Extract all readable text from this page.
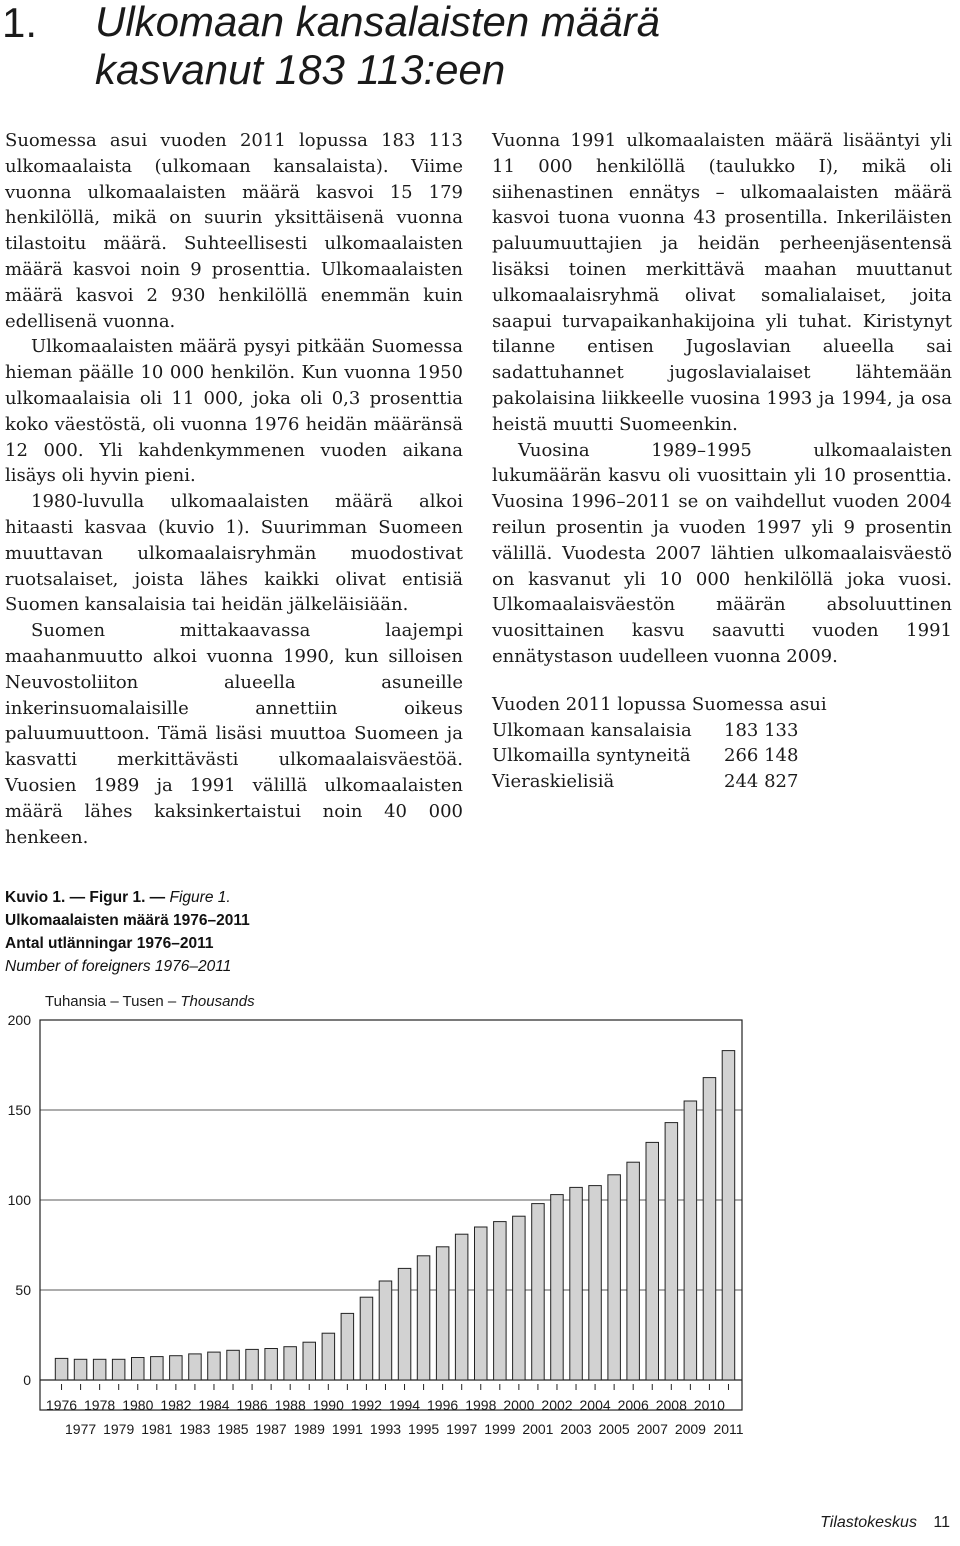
1. Ulkomaan kansalaisten määrä
kasvanut 183 113:een

Suomessa asui vuoden 2011 lopussa 183 113 ulkomaalaista (ulkomaan kansalaista). Viime vuonna ulkomaalaisten määrä kasvoi 15 179 henkilöllä, mikä on suurin yksittäisenä vuonna tilastoitu määrä. Suhteellisesti ulkomaalaisten määrä kasvoi noin 9 prosenttia. Ulkomaalaisten määrä kasvoi 2 930 henkilöllä enemmän kuin edellisenä vuonna.

Ulkomaalaisten määrä pysyi pitkään Suomessa hieman päälle 10 000 henkilön. Kun vuonna 1950 ulkomaalaisia oli 11 000, joka oli 0,3 prosenttia koko väestöstä, oli vuonna 1976 heidän määränsä 12 000. Yli kahdenkymmenen vuoden aikana lisäys oli hyvin pieni.

1980-luvulla ulkomaalaisten määrä alkoi hitaasti kasvaa (kuvio 1). Suurimman Suomeen muuttavan ulkomaalaisryhmän muodostivat ruotsalaiset, joista lähes kaikki olivat entisiä Suomen kansalaisia tai heidän jälkeläisiään.

Suomen mittakaavassa laajempi maahanmuutto alkoi vuonna 1990, kun silloisen Neuvostoliiton alueella asuneille inkerinsuomalaisille annettiin oikeus paluumuuttoon. Tämä lisäsi muuttoa Suomeen ja kasvatti merkittävästi ulkomaalaisväestöä. Vuosien 1989 ja 1991 välillä ulkomaalaisten määrä lähes kaksinkertaistui noin 40 000 henkeen.

Vuonna 1991 ulkomaalaisten määrä lisääntyi yli 11 000 henkilöllä (taulukko I), mikä oli siihenastinen ennätys – ulkomaalaisten määrä kasvoi tuona vuonna 43 prosentilla. Inkeriläisten paluumuuttajien ja heidän perheenjäsentensä lisäksi toinen merkittävä maahan muuttanut ulkomaalaisryhmä olivat somalialaiset, joita saapui turvapaikanhakijoina yli tuhat. Kiristynyt tilanne entisen Jugoslavian alueella sai sadattuhannet jugoslavialaiset lähtemään pakolaisina liikkeelle vuosina 1993 ja 1994, ja osa heistä muutti Suomeenkin.

Vuosina 1989–1995 ulkomaalaisten lukumäärän kasvu oli vuosittain yli 10 prosenttia. Vuosina 1996–2011 se on vaihdellut vuoden 2004 reilun prosentin ja vuoden 1997 yli 9 prosentin välillä. Vuodesta 2007 lähtien ulkomaalaisväestö on kasvanut yli 10 000 henkilöllä joka vuosi. Ulkomaalaisväestön määrän absoluuttinen vuosittainen kasvu saavutti vuoden 1991 ennätystason uudelleen vuonna 2009.

Vuoden 2011 lopussa Suomessa asui
Ulkomaan kansalaisia	183 133
Ulkomailla syntyneitä	266 148
Vieraskielisiä	244 827
Kuvio 1. — Figur 1. — Figure 1.
Ulkomaalaisten määrä 1976–2011
Antal utlänningar 1976–2011
Number of foreigners 1976–2011
Tuhansia – Tusen – Thousands
200
150
100
50
0
1976
1977
1978
1979
1980
1981
1982
1983
1984
1985
1986
1987
1988
1989
1990
1991
1992
1993
1994
1995
1996
1997
1998
1999
2000
2001
2002
2003
2004
2005
2006
2007
2008
2009
2010
2011
Tilastokeskus 11
